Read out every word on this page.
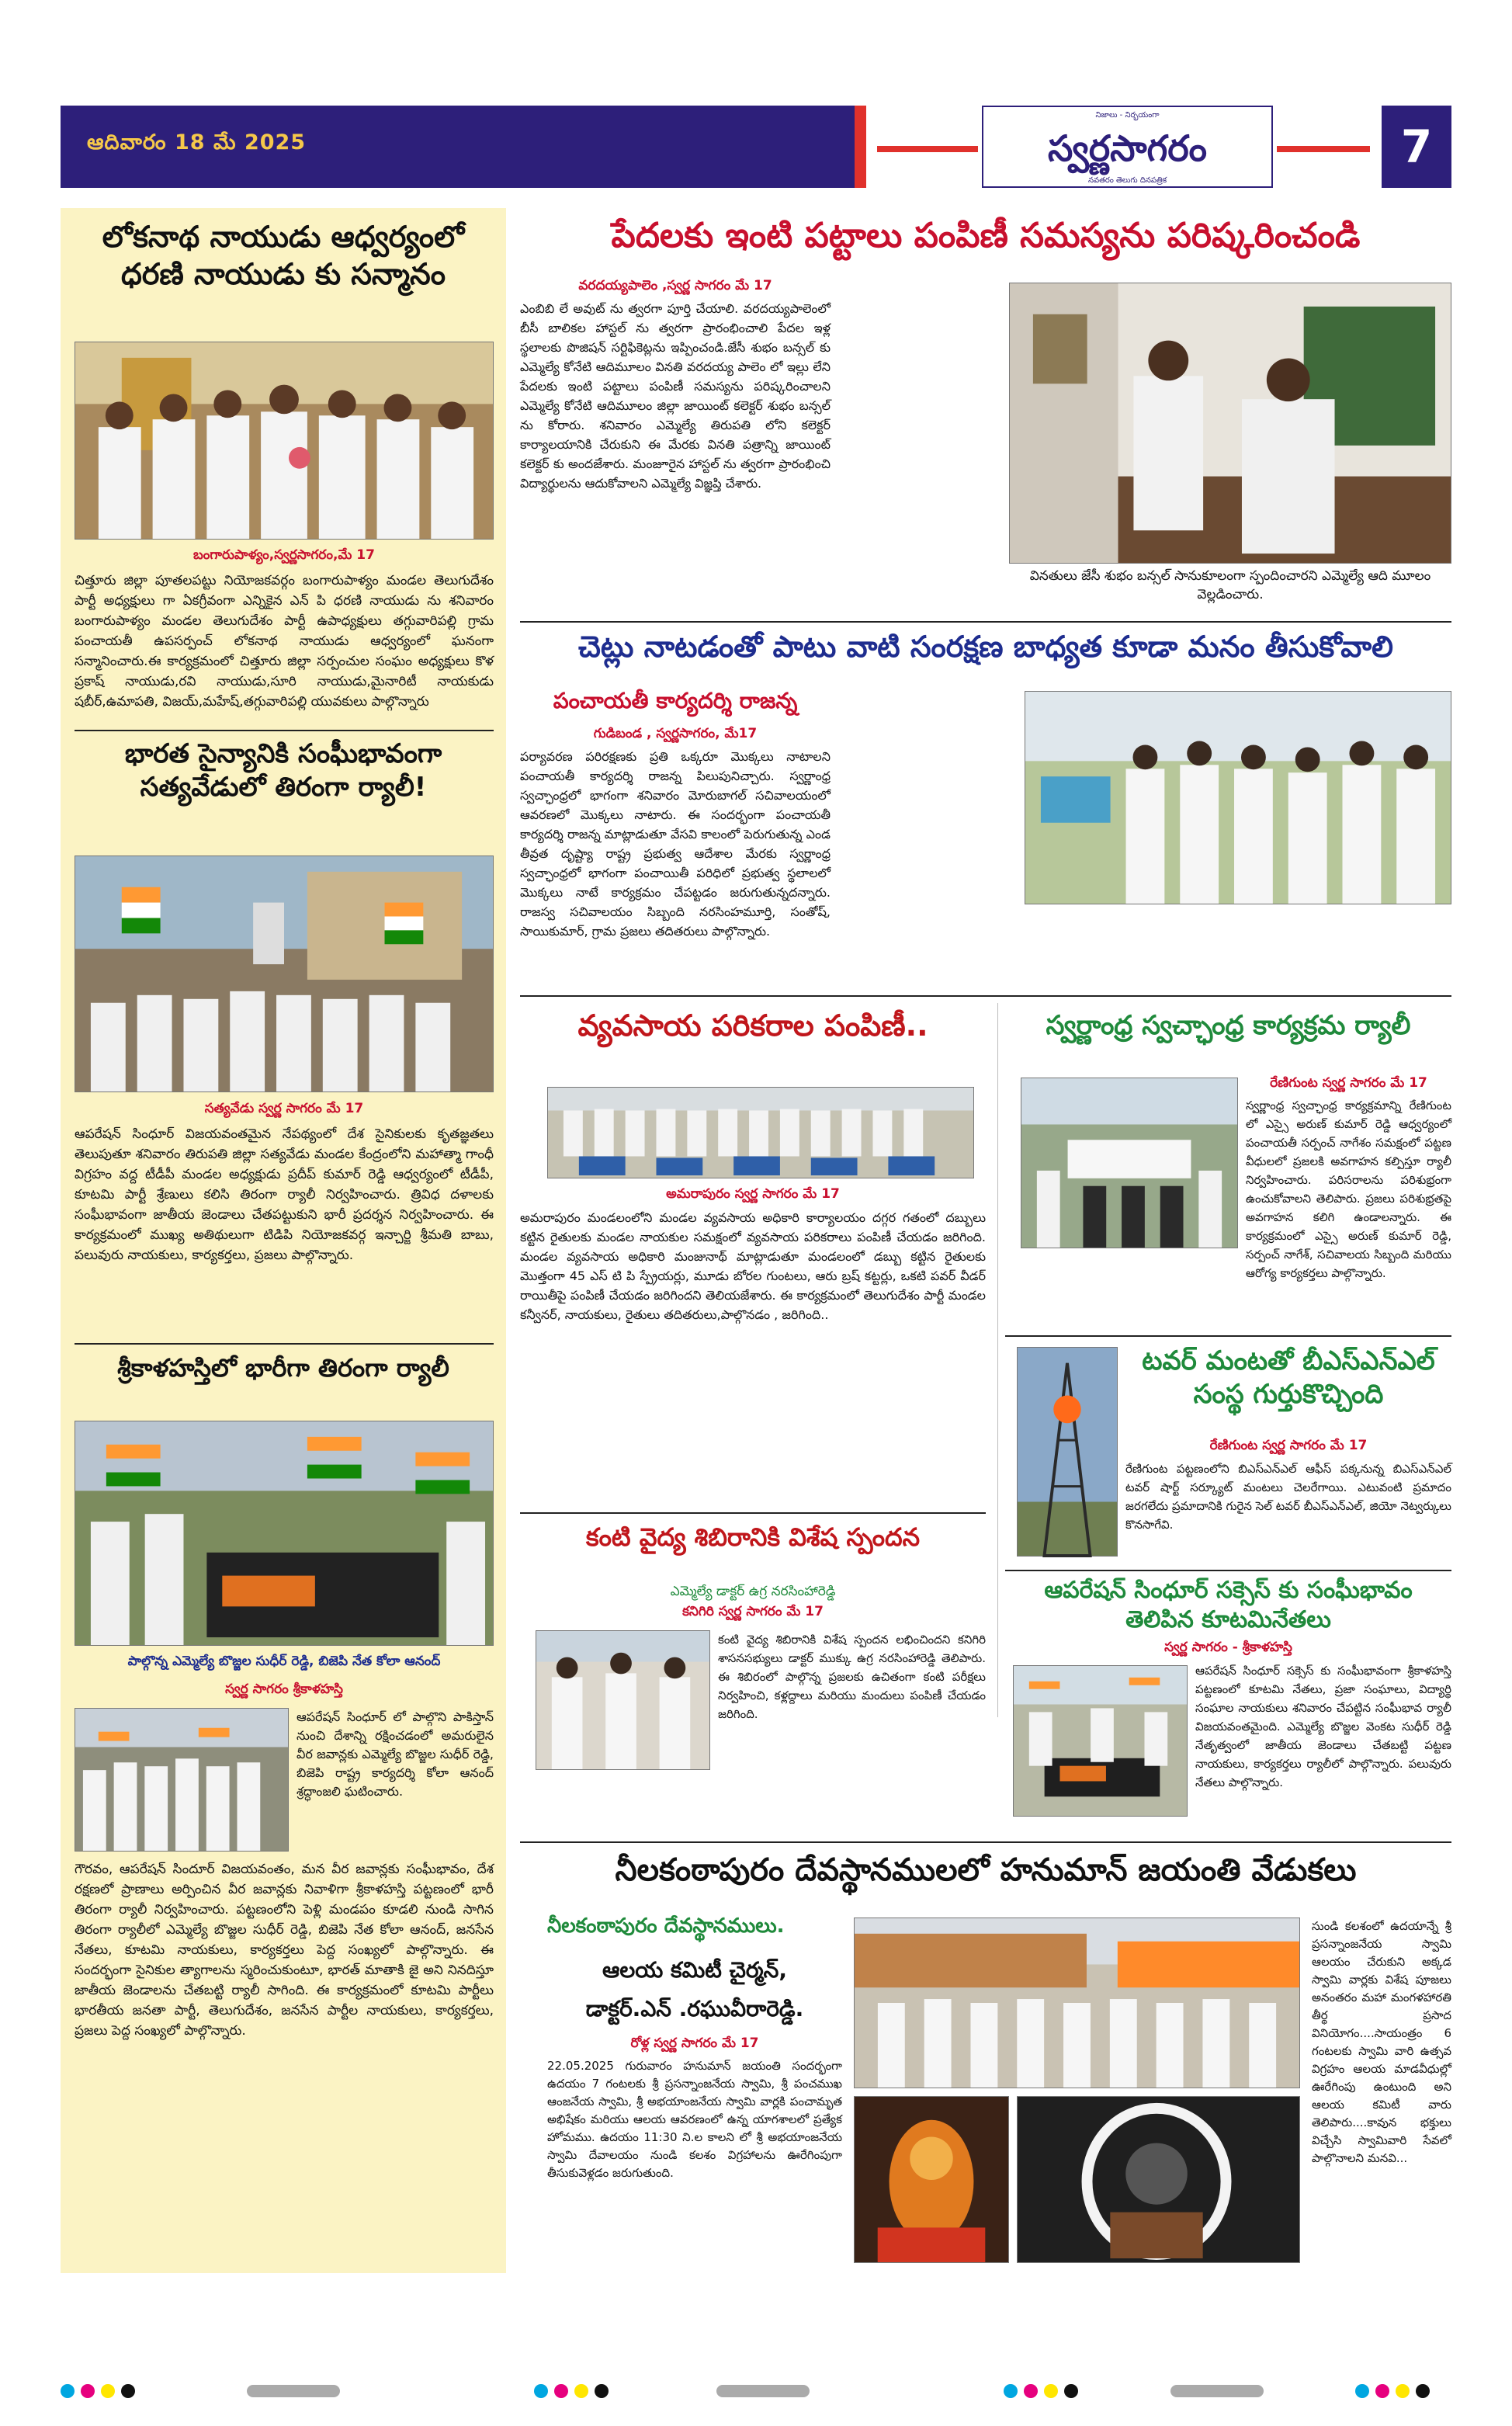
ఆదివారం 18 మే 2025
నిజాలు - నిర్భయంగా
స్వర్ణసాగరం
నవతరం తెలుగు దినపత్రిక
7
లోకనాథ నాయుడు ఆధ్వర్యంలో
ధరణి నాయుడు కు సన్మానం
బంగారుపాళ్యం,స్వర్ణసాగరం,మే 17
చిత్తూరు జిల్లా పూతలపట్టు నియోజకవర్గం బంగారుపాళ్యం మండల తెలుగుదేశం పార్టీ అధ్యక్షులు గా ఏకగ్రీవంగా ఎన్నికైన ఎన్ పి ధరణి నాయుడు ను శనివారం బంగారుపాళ్యం మండల తెలుగుదేశం పార్టీ ఉపాధ్యక్షులు తగ్గువారిపల్లి గ్రామ పంచాయతీ ఉపసర్పంచ్ లోకనాథ నాయుడు ఆధ్వర్యంలో ఘనంగా సన్మానించారు.ఈ కార్యక్రమంలో చిత్తూరు జిల్లా సర్పంచుల సంఘం అధ్యక్షులు కొళ ప్రకాష్ నాయుడు,రవి నాయుడు,సూరి నాయుడు,మైనారిటీ నాయకుడు షబీర్,ఉమాపతి, విజయ్,మహేష్,తగ్గువారిపల్లి యువకులు పాల్గొన్నారు
భారత సైన్యానికి సంఘీభావంగా
సత్యవేడులో తిరంగా ర్యాలీ!
సత్యవేడు స్వర్ణ సాగరం మే 17
ఆపరేషన్ సింధూర్ విజయవంతమైన నేపథ్యంలో దేశ సైనికులకు కృతజ్ఞతలు తెలుపుతూ శనివారం తిరుపతి జిల్లా సత్యవేడు మండల కేంద్రంలోని మహాత్మా గాంధీ విగ్రహం వద్ద టీడీపీ మండల అధ్యక్షుడు ప్రదీప్ కుమార్ రెడ్డి ఆధ్వర్యంలో టీడీపీ, కూటమి పార్టీ శ్రేణులు కలిసి తిరంగా ర్యాలీ నిర్వహించారు. త్రివిధ దళాలకు సంఘీభావంగా జాతీయ జెండాలు చేతపట్టుకుని భారీ ప్రదర్శన నిర్వహించారు. ఈ కార్యక్రమంలో ముఖ్య అతిథులుగా టిడిపి నియోజకవర్గ ఇన్చార్జి శ్రీమతి బాబు, పలువురు నాయకులు, కార్యకర్తలు, ప్రజలు పాల్గొన్నారు.
శ్రీకాళహస్తిలో భారీగా తిరంగా ర్యాలీ
పాల్గొన్న ఎమ్మెల్యే బొజ్జల సుధీర్ రెడ్డి, బిజెపి నేత కోలా ఆనంద్
స్వర్ణ సాగరం శ్రీకాళహస్తి
ఆపరేషన్ సింధూర్ లో పాల్గొని పాకిస్తాన్ నుంచి దేశాన్ని రక్షించడంలో అమరులైన వీర జవాన్లకు ఎమ్మెల్యే బొజ్జల సుధీర్ రెడ్డి, బిజెపి రాష్ట్ర కార్యదర్శి కోలా ఆనంద్ శ్రద్ధాంజలి ఘటించారు.
గౌరవం, ఆపరేషన్ సిందూర్ విజయవంతం, మన వీర జవాన్లకు సంఘీభావం, దేశ రక్షణలో ప్రాణాలు అర్పించిన వీర జవాన్లకు నివాళిగా శ్రీకాళహస్తి పట్టణంలో భారీ తిరంగా ర్యాలీ నిర్వహించారు. పట్టణంలోని పెళ్లి మండపం కూడలి నుండి సాగిన తిరంగా ర్యాలీలో ఎమ్మెల్యే బొజ్జల సుధీర్ రెడ్డి, బిజెపి నేత కోలా ఆనంద్, జనసేన నేతలు, కూటమి నాయకులు, కార్యకర్తలు పెద్ద సంఖ్యలో పాల్గొన్నారు. ఈ సందర్భంగా సైనికుల త్యాగాలను స్మరించుకుంటూ, భారత్ మాతాకి జై అని నినదిస్తూ జాతీయ జెండాలను చేతబట్టి ర్యాలీ సాగింది. ఈ కార్యక్రమంలో కూటమి పార్టీలు భారతీయ జనతా పార్టీ, తెలుగుదేశం, జనసేన పార్టీల నాయకులు, కార్యకర్తలు, ప్రజలు పెద్ద సంఖ్యలో పాల్గొన్నారు.
పేదలకు ఇంటి పట్టాలు పంపిణీ సమస్యను పరిష్కరించండి
వరదయ్యపాలెం ,స్వర్ణ సాగరం మే 17
ఎంబిబి లే అవుట్ ను త్వరగా పూర్తి చేయాలి. వరదయ్యపాలెంలో బీసీ బాలికల హాస్టల్ ను త్వరగా ప్రారంభించాలి పేదల ఇళ్ల స్థలాలకు పొజిషన్ సర్టిఫికెట్లను ఇప్పించండి.జేసీ శుభం బన్సల్ కు ఎమ్మెల్యే కోనేటి ఆదిమూలం వినతి వరదయ్య పాలెం లో ఇల్లు లేని పేదలకు ఇంటి పట్టాలు పంపిణీ సమస్యను పరిష్కరించాలని ఎమ్మెల్యే కోనేటి ఆదిమూలం జిల్లా జాయింట్ కలెక్టర్ శుభం బన్సల్ ను కోరారు. శనివారం ఎమ్మెల్యే తిరుపతి లోని కలెక్టర్ కార్యాలయానికి చేరుకుని ఈ మేరకు వినతి పత్రాన్ని జాయింట్ కలెక్టర్ కు అందజేశారు. మంజూరైన హాస్టల్ ను త్వరగా ప్రారంభించి విద్యార్థులను ఆదుకోవాలని ఎమ్మెల్యే విజ్ఞప్తి చేశారు.
వినతులు జేసీ శుభం బన్సల్ సానుకూలంగా స్పందించారని ఎమ్మెల్యే ఆది మూలం వెల్లడించారు.
చెట్లు నాటడంతో పాటు వాటి సంరక్షణ బాధ్యత కూడా మనం తీసుకోవాలి
పంచాయతీ కార్యదర్శి రాజన్న
గుడిబండ , స్వర్ణసాగరం, మే17
పర్యావరణ పరిరక్షణకు ప్రతి ఒక్కరూ మొక్కలు నాటాలని పంచాయతీ కార్యదర్శి రాజన్న పిలుపునిచ్చారు. స్వర్ణాంధ్ర స్వచ్ఛాంధ్రలో భాగంగా శనివారం మోరుబాగల్ సచివాలయంలో ఆవరణలో మొక్కలు నాటారు. ఈ సందర్భంగా పంచాయతీ కార్యదర్శి రాజన్న మాట్లాడుతూ వేసవి కాలంలో పెరుగుతున్న ఎండ తీవ్రత దృష్ట్యా రాష్ట్ర ప్రభుత్వ ఆదేశాల మేరకు స్వర్ణాంధ్ర స్వచ్ఛాంధ్రలో భాగంగా పంచాయితీ పరిధిలో ప్రభుత్వ స్థలాలలో మొక్కలు నాటే కార్యక్రమం చేపట్టడం జరుగుతున్నదన్నారు. రాజస్వ సచివాలయం సిబ్బంది నరసింహమూర్తి, సంతోష్, సాయికుమార్, గ్రామ ప్రజలు తదితరులు పాల్గొన్నారు.
వ్యవసాయ పరికరాల పంపిణీ..
అమరాపురం స్వర్ణ సాగరం మే 17
అమరాపురం మండలంలోని మండల వ్యవసాయ అధికారి కార్యాలయం దగ్గర గతంలో దబ్బులు కట్టిన రైతులకు మండల నాయకుల సమక్షంలో వ్యవసాయ పరికరాలు పంపిణీ చేయడం జరిగింది. మండల వ్యవసాయ అధికారి మంజునాథ్ మాట్లాడుతూ మండలంలో డబ్బు కట్టిన రైతులకు మొత్తంగా 45 ఎస్ టి పి స్ప్రేయర్లు, మూడు బోరల గుంటలు, ఆరు బ్రష్ కట్టర్లు, ఒకటి పవర్ వీడర్ రాయితీపై పంపిణీ చేయడం జరిగిందని తెలియజేశారు. ఈ కార్యక్రమంలో తెలుగుదేశం పార్టీ మండల కన్వీనర్, నాయకులు, రైతులు తదితరులు,పాల్గొనడం , జరిగింది..
స్వర్ణాంధ్ర స్వచ్ఛాంధ్ర కార్యక్రమ ర్యాలీ
రేణిగుంట స్వర్ణ సాగరం మే 17
స్వర్ణాంధ్ర స్వచ్ఛాంధ్ర కార్యక్రమాన్ని రేణిగుంట లో ఎస్సై అరుణ్ కుమార్ రెడ్డి ఆధ్వర్యంలో పంచాయతీ సర్పంచ్ నాగేశం సమక్షంలో పట్టణ వీధులలో ప్రజలకి అవగాహన కల్పిస్తూ ర్యాలీ నిర్వహించారు. పరిసరాలను పరిశుభ్రంగా ఉంచుకోవాలని తెలిపారు. ప్రజలు పరిశుభ్రతపై అవగాహన కలిగి ఉండాలన్నారు. ఈ కార్యక్రమంలో ఎస్సై అరుణ్ కుమార్ రెడ్డి, సర్పంచ్ నాగేశ్, సచివాలయ సిబ్బంది మరియు ఆరోగ్య కార్యకర్తలు పాల్గొన్నారు.
టవర్ మంటతో బీఎస్ఎన్ఎల్
సంస్థ గుర్తుకొచ్చింది
రేణిగుంట స్వర్ణ సాగరం మే 17
రేణిగుంట పట్టణంలోని బిఎస్ఎన్ఎల్ ఆఫీస్ పక్కనున్న బిఎస్ఎన్ఎల్ టవర్ షార్ట్ సర్క్యూట్ మంటలు చెలరేగాయి. ఎటువంటి ప్రమాదం జరగలేదు ప్రమాదానికి గురైన సెల్ టవర్ బీఎస్ఎన్ఎల్, జియో నెట్వర్కులు కొనసాగేవి.
కంటి వైద్య శిబిరానికి విశేష స్పందన
ఎమ్మెల్యే డాక్టర్ ఉగ్ర నరసింహారెడ్డి
కనిగిరి స్వర్ణ సాగరం మే 17
కంటి వైద్య శిబిరానికి విశేష స్పందన లభించిందని కనిగిరి శాసనసభ్యులు డాక్టర్ ముక్కు ఉగ్ర నరసింహారెడ్డి తెలిపారు. ఈ శిబిరంలో పాల్గొన్న ప్రజలకు ఉచితంగా కంటి పరీక్షలు నిర్వహించి, కళ్లద్దాలు మరియు మందులు పంపిణీ చేయడం జరిగింది.
ఆపరేషన్ సింధూర్ సక్సెస్ కు సంఘీభావం
తెలిపిన కూటమినేతలు
స్వర్ణ సాగరం - శ్రీకాళహస్తి
ఆపరేషన్ సింధూర్ సక్సెస్ కు సంఘీభావంగా శ్రీకాళహస్తి పట్టణంలో కూటమి నేతలు, ప్రజా సంఘాలు, విద్యార్థి సంఘాల నాయకులు శనివారం చేపట్టిన సంఘీభావ ర్యాలీ విజయవంతమైంది. ఎమ్మెల్యే బొజ్జల వెంకట సుధీర్ రెడ్డి నేతృత్వంలో జాతీయ జెండాలు చేతబట్టి పట్టణ నాయకులు, కార్యకర్తలు ర్యాలీలో పాల్గొన్నారు. పలువురు నేతలు పాల్గొన్నారు.
నీలకంఠాపురం దేవస్థానములలో హనుమాన్ జయంతి వేడుకలు
నీలకంఠాపురం దేవస్థానములు.
ఆలయ కమిటీ చైర్మన్,
డాక్టర్.ఎన్ .రఘువీరారెడ్డి.
రోళ్ల స్వర్ణ సాగరం మే 17
22.05.2025 గురువారం హనుమాన్ జయంతి సందర్భంగా ఉదయం 7 గంటలకు శ్రీ ప్రసన్నాంజనేయ స్వామి, శ్రీ పంచముఖ ఆంజనేయ స్వామి, శ్రీ అభయాంజనేయ స్వామి వార్లకి పంచామృత అభిషేకం మరియు ఆలయ ఆవరణంలో ఉన్న యాగశాలలో ప్రత్యేక హోమము. ఉదయం 11:30 ని.ల కాలని లో శ్రీ అభయాంజనేయ స్వామి దేవాలయం నుండి కలశం విగ్రహాలను ఊరేగింపుగా తీసుకువెళ్లడం జరుగుతుంది.
సుండి కలశంలో ఉదయాన్నే శ్రీ ప్రసన్నాంజనేయ స్వామి ఆలయం చేరుకుని అక్కడ స్వామి వార్లకు విశేష పూజలు అనంతరం మహా మంగళహారతి తీర్థ ప్రసాద వినియోగం....సాయంత్రం 6 గంటలకు స్వామి వారి ఉత్సవ విగ్రహం ఆలయ మాడవీధుల్లో ఊరేగింపు ఉంటుంది అని ఆలయ కమిటీ వారు తెలిపారు....కావున భక్తులు విచ్చేసి స్వామివారి సేవలో పాల్గొనాలని మనవి...
